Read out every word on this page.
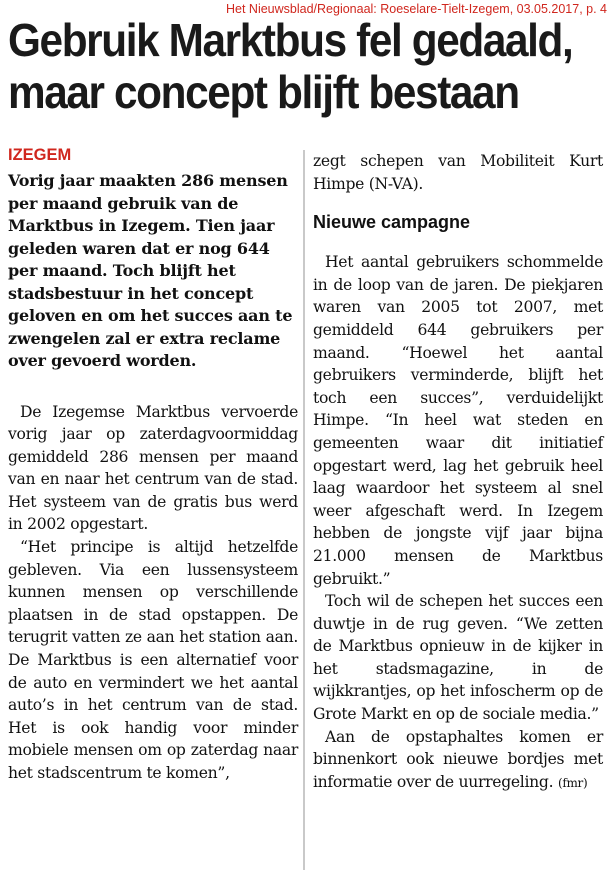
Het Nieuwsblad/Regionaal: Roeselare-Tielt-Izegem, 03.05.2017, p. 4
Gebruik Marktbus fel gedaald,
maar concept blijft bestaan
IZEGEM

Vorig jaar maakten 286 mensen per maand gebruik van de Marktbus in Izegem. Tien jaar geleden waren dat er nog 644 per maand. Toch blijft het stadsbestuur in het concept geloven en om het succes aan te zwengelen zal er extra reclame over gevoerd worden.

De Izegemse Marktbus vervoerde vorig jaar op zaterdagvoormiddag gemiddeld 286 mensen per maand van en naar het centrum van de stad. Het systeem van de gratis bus werd in 2002 opgestart.

“Het principe is altijd hetzelfde gebleven. Via een lussensysteem kunnen mensen op verschillende plaatsen in de stad opstappen. De terugrit vatten ze aan het station aan. De Marktbus is een alternatief voor de auto en vermindert we het aantal auto’s in het centrum van de stad. Het is ook handig voor minder mobiele mensen om op zaterdag naar het stadscentrum te komen”,

zegt schepen van Mobiliteit Kurt Himpe (N-VA).

Nieuwe campagne

Het aantal gebruikers schommelde in de loop van de jaren. De piekjaren waren van 2005 tot 2007, met gemiddeld 644 gebruikers per maand. “Hoewel het aantal gebruikers verminderde, blijft het toch een succes”, verduidelijkt Himpe. “In heel wat steden en gemeenten waar dit initiatief opgestart werd, lag het gebruik heel laag waardoor het systeem al snel weer afgeschaft werd. In Izegem hebben de jongste vijf jaar bijna 21.000 mensen de Marktbus gebruikt.”

Toch wil de schepen het succes een duwtje in de rug geven. “We zetten de Marktbus opnieuw in de kijker in het stadsmagazine, in de wijkkrantjes, op het infoscherm op de Grote Markt en op de sociale media.”

Aan de opstaphaltes komen er binnenkort ook nieuwe bordjes met informatie over de uurregeling. (fmr)
